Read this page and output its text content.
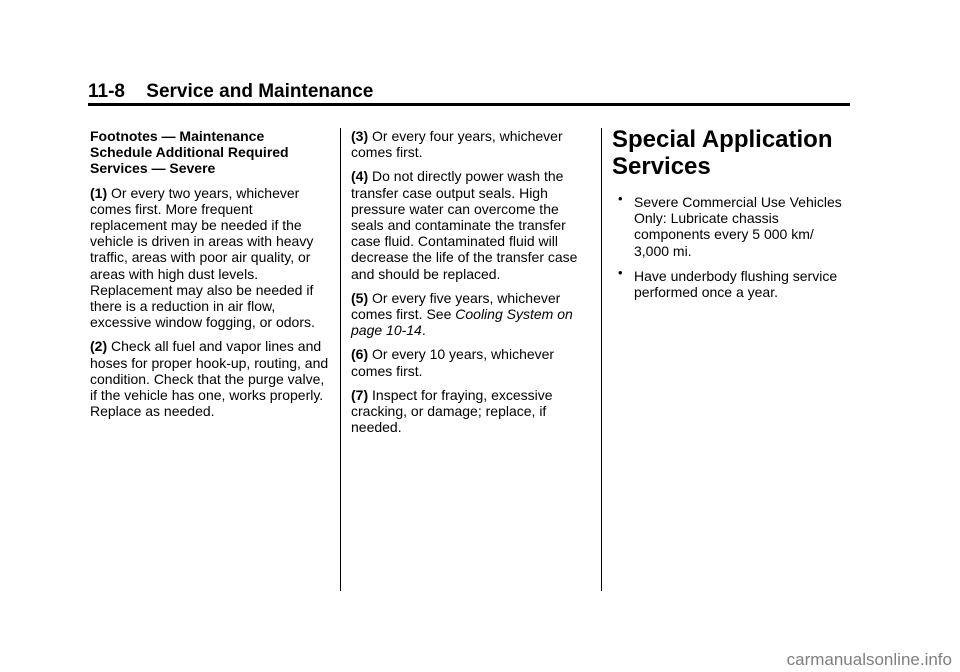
11-8 Service and Maintenance

Footnotes — Maintenance Schedule Additional Required Services — Severe

(1) Or every two years, whichever comes first. More frequent replacement may be needed if the vehicle is driven in areas with heavy traffic, areas with poor air quality, or areas with high dust levels. Replacement may also be needed if there is a reduction in air flow, excessive window fogging, or odors.

(2) Check all fuel and vapor lines and hoses for proper hook-up, routing, and condition. Check that the purge valve, if the vehicle has one, works properly. Replace as needed.

(3) Or every four years, whichever comes first.

(4) Do not directly power wash the transfer case output seals. High pressure water can overcome the seals and contaminate the transfer case fluid. Contaminated fluid will decrease the life of the transfer case and should be replaced.

(5) Or every five years, whichever comes first. See Cooling System on page 10-14.

(6) Or every 10 years, whichever comes first.

(7) Inspect for fraying, excessive cracking, or damage; replace, if needed.

Special Application Services
• Severe Commercial Use Vehicles Only: Lubricate chassis components every 5 000 km/ 3,000 mi.
• Have underbody flushing service performed once a year.
carmanualsonline.info
